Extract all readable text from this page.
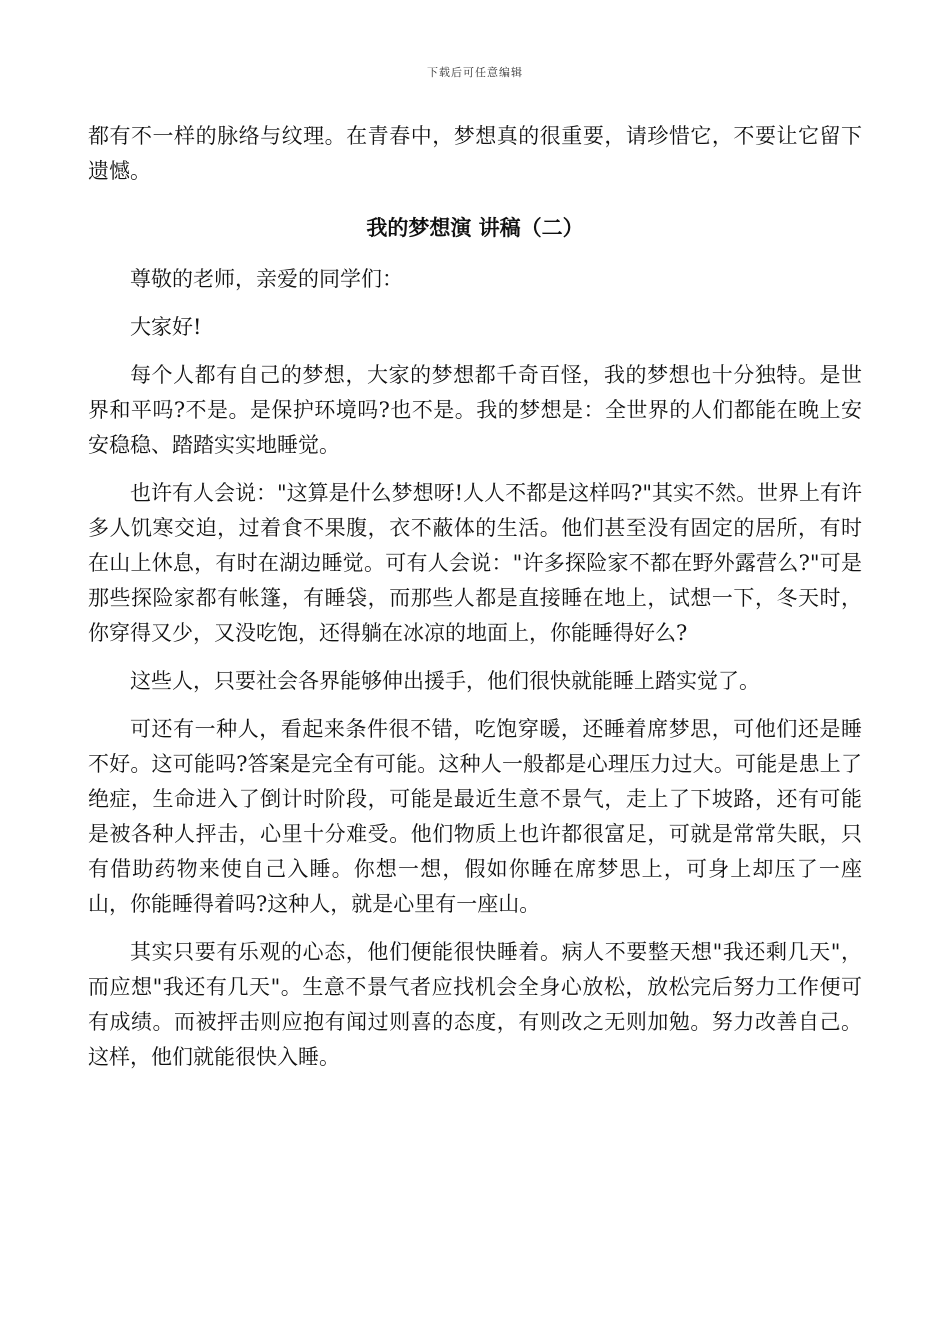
下载后可任意编辑

都有不一样的脉络与纹理。在青春中，梦想真的很重要，请珍惜它，不要让它留下遗憾。

我的梦想演 讲稿（二）

尊敬的老师，亲爱的同学们：

大家好!

每个人都有自己的梦想，大家的梦想都千奇百怪，我的梦想也十分独特。是世界和平吗?不是。是保护环境吗?也不是。我的梦想是：全世界的人们都能在晚上安安稳稳、踏踏实实地睡觉。

也许有人会说："这算是什么梦想呀!人人不都是这样吗?"其实不然。世界上有许多人饥寒交迫，过着食不果腹，衣不蔽体的生活。他们甚至没有固定的居所，有时在山上休息，有时在湖边睡觉。可有人会说："许多探险家不都在野外露营么?"可是那些探险家都有帐篷，有睡袋，而那些人都是直接睡在地上，试想一下，冬天时，你穿得又少，又没吃饱，还得躺在冰凉的地面上，你能睡得好么?

这些人，只要社会各界能够伸出援手，他们很快就能睡上踏实觉了。

可还有一种人，看起来条件很不错，吃饱穿暖，还睡着席梦思，可他们还是睡不好。这可能吗?答案是完全有可能。这种人一般都是心理压力过大。可能是患上了绝症，生命进入了倒计时阶段，可能是最近生意不景气，走上了下坡路，还有可能是被各种人抨击，心里十分难受。他们物质上也许都很富足，可就是常常失眠，只有借助药物来使自己入睡。你想一想，假如你睡在席梦思上，可身上却压了一座山，你能睡得着吗?这种人，就是心里有一座山。

其实只要有乐观的心态，他们便能很快睡着。病人不要整天想"我还剩几天"，而应想"我还有几天"。生意不景气者应找机会全身心放松，放松完后努力工作便可有成绩。而被抨击则应抱有闻过则喜的态度，有则改之无则加勉。努力改善自己。这样，他们就能很快入睡。
